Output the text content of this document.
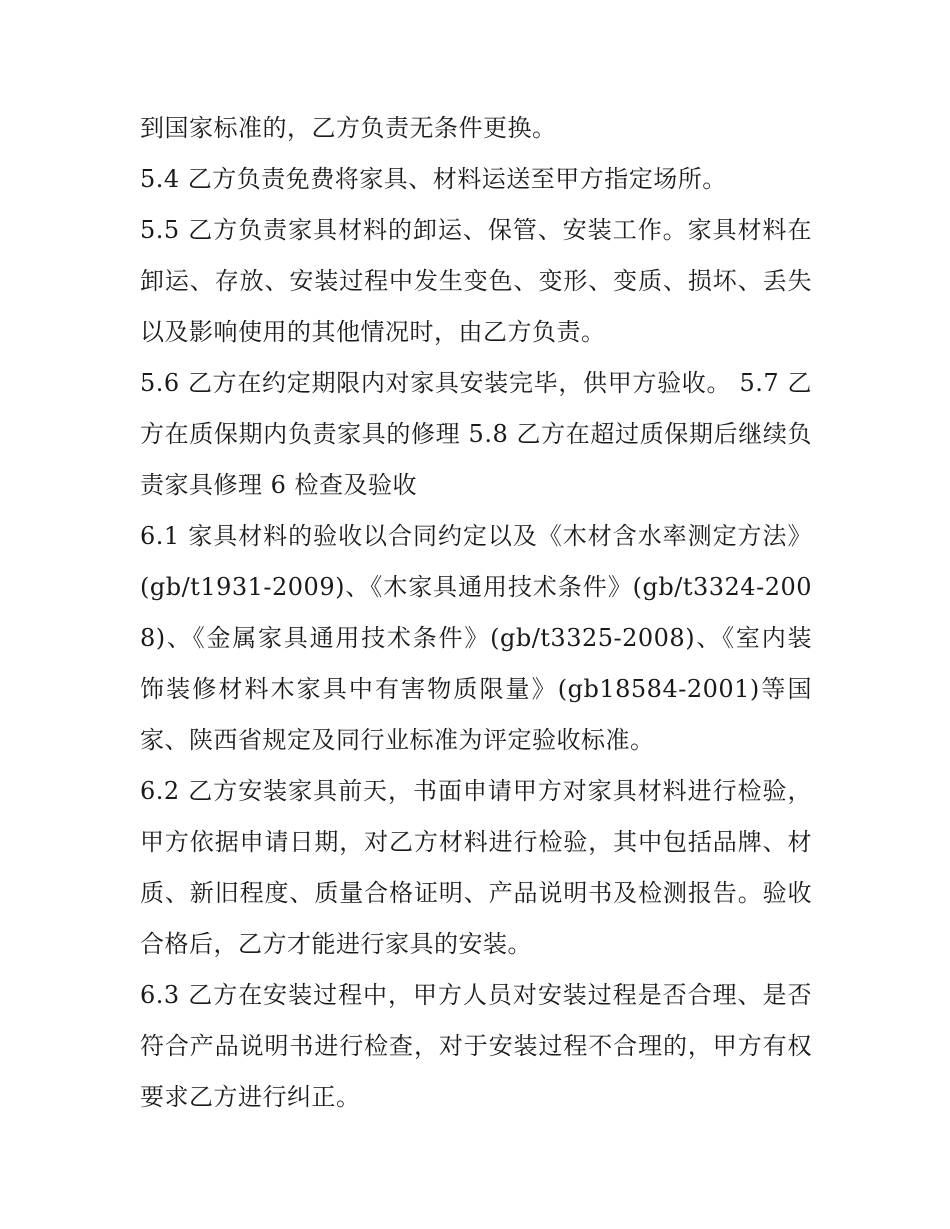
到国家标准的，乙方负责无条件更换。

5.4 乙方负责免费将家具、材料运送至甲方指定场所。

5.5 乙方负责家具材料的卸运、保管、安装工作。家具材料在卸运、存放、安装过程中发生变色、变形、变质、损坏、丢失以及影响使用的其他情况时，由乙方负责。

5.6 乙方在约定期限内对家具安装完毕，供甲方验收。 5.7 乙方在质保期内负责家具的修理 5.8 乙方在超过质保期后继续负责家具修理 6 检查及验收

6.1 家具材料的验收以合同约定以及《木材含水率测定方法》(gb/t1931-2009)、《木家具通用技术条件》(gb/t3324-2008)、《金属家具通用技术条件》(gb/t3325-2008)、《室内装饰装修材料木家具中有害物质限量》(gb18584-2001)等国家、陕西省规定及同行业标准为评定验收标准。

6.2 乙方安装家具前天，书面申请甲方对家具材料进行检验，甲方依据申请日期，对乙方材料进行检验，其中包括品牌、材质、新旧程度、质量合格证明、产品说明书及检测报告。验收合格后，乙方才能进行家具的安装。

6.3 乙方在安装过程中，甲方人员对安装过程是否合理、是否符合产品说明书进行检查，对于安装过程不合理的，甲方有权要求乙方进行纠正。
